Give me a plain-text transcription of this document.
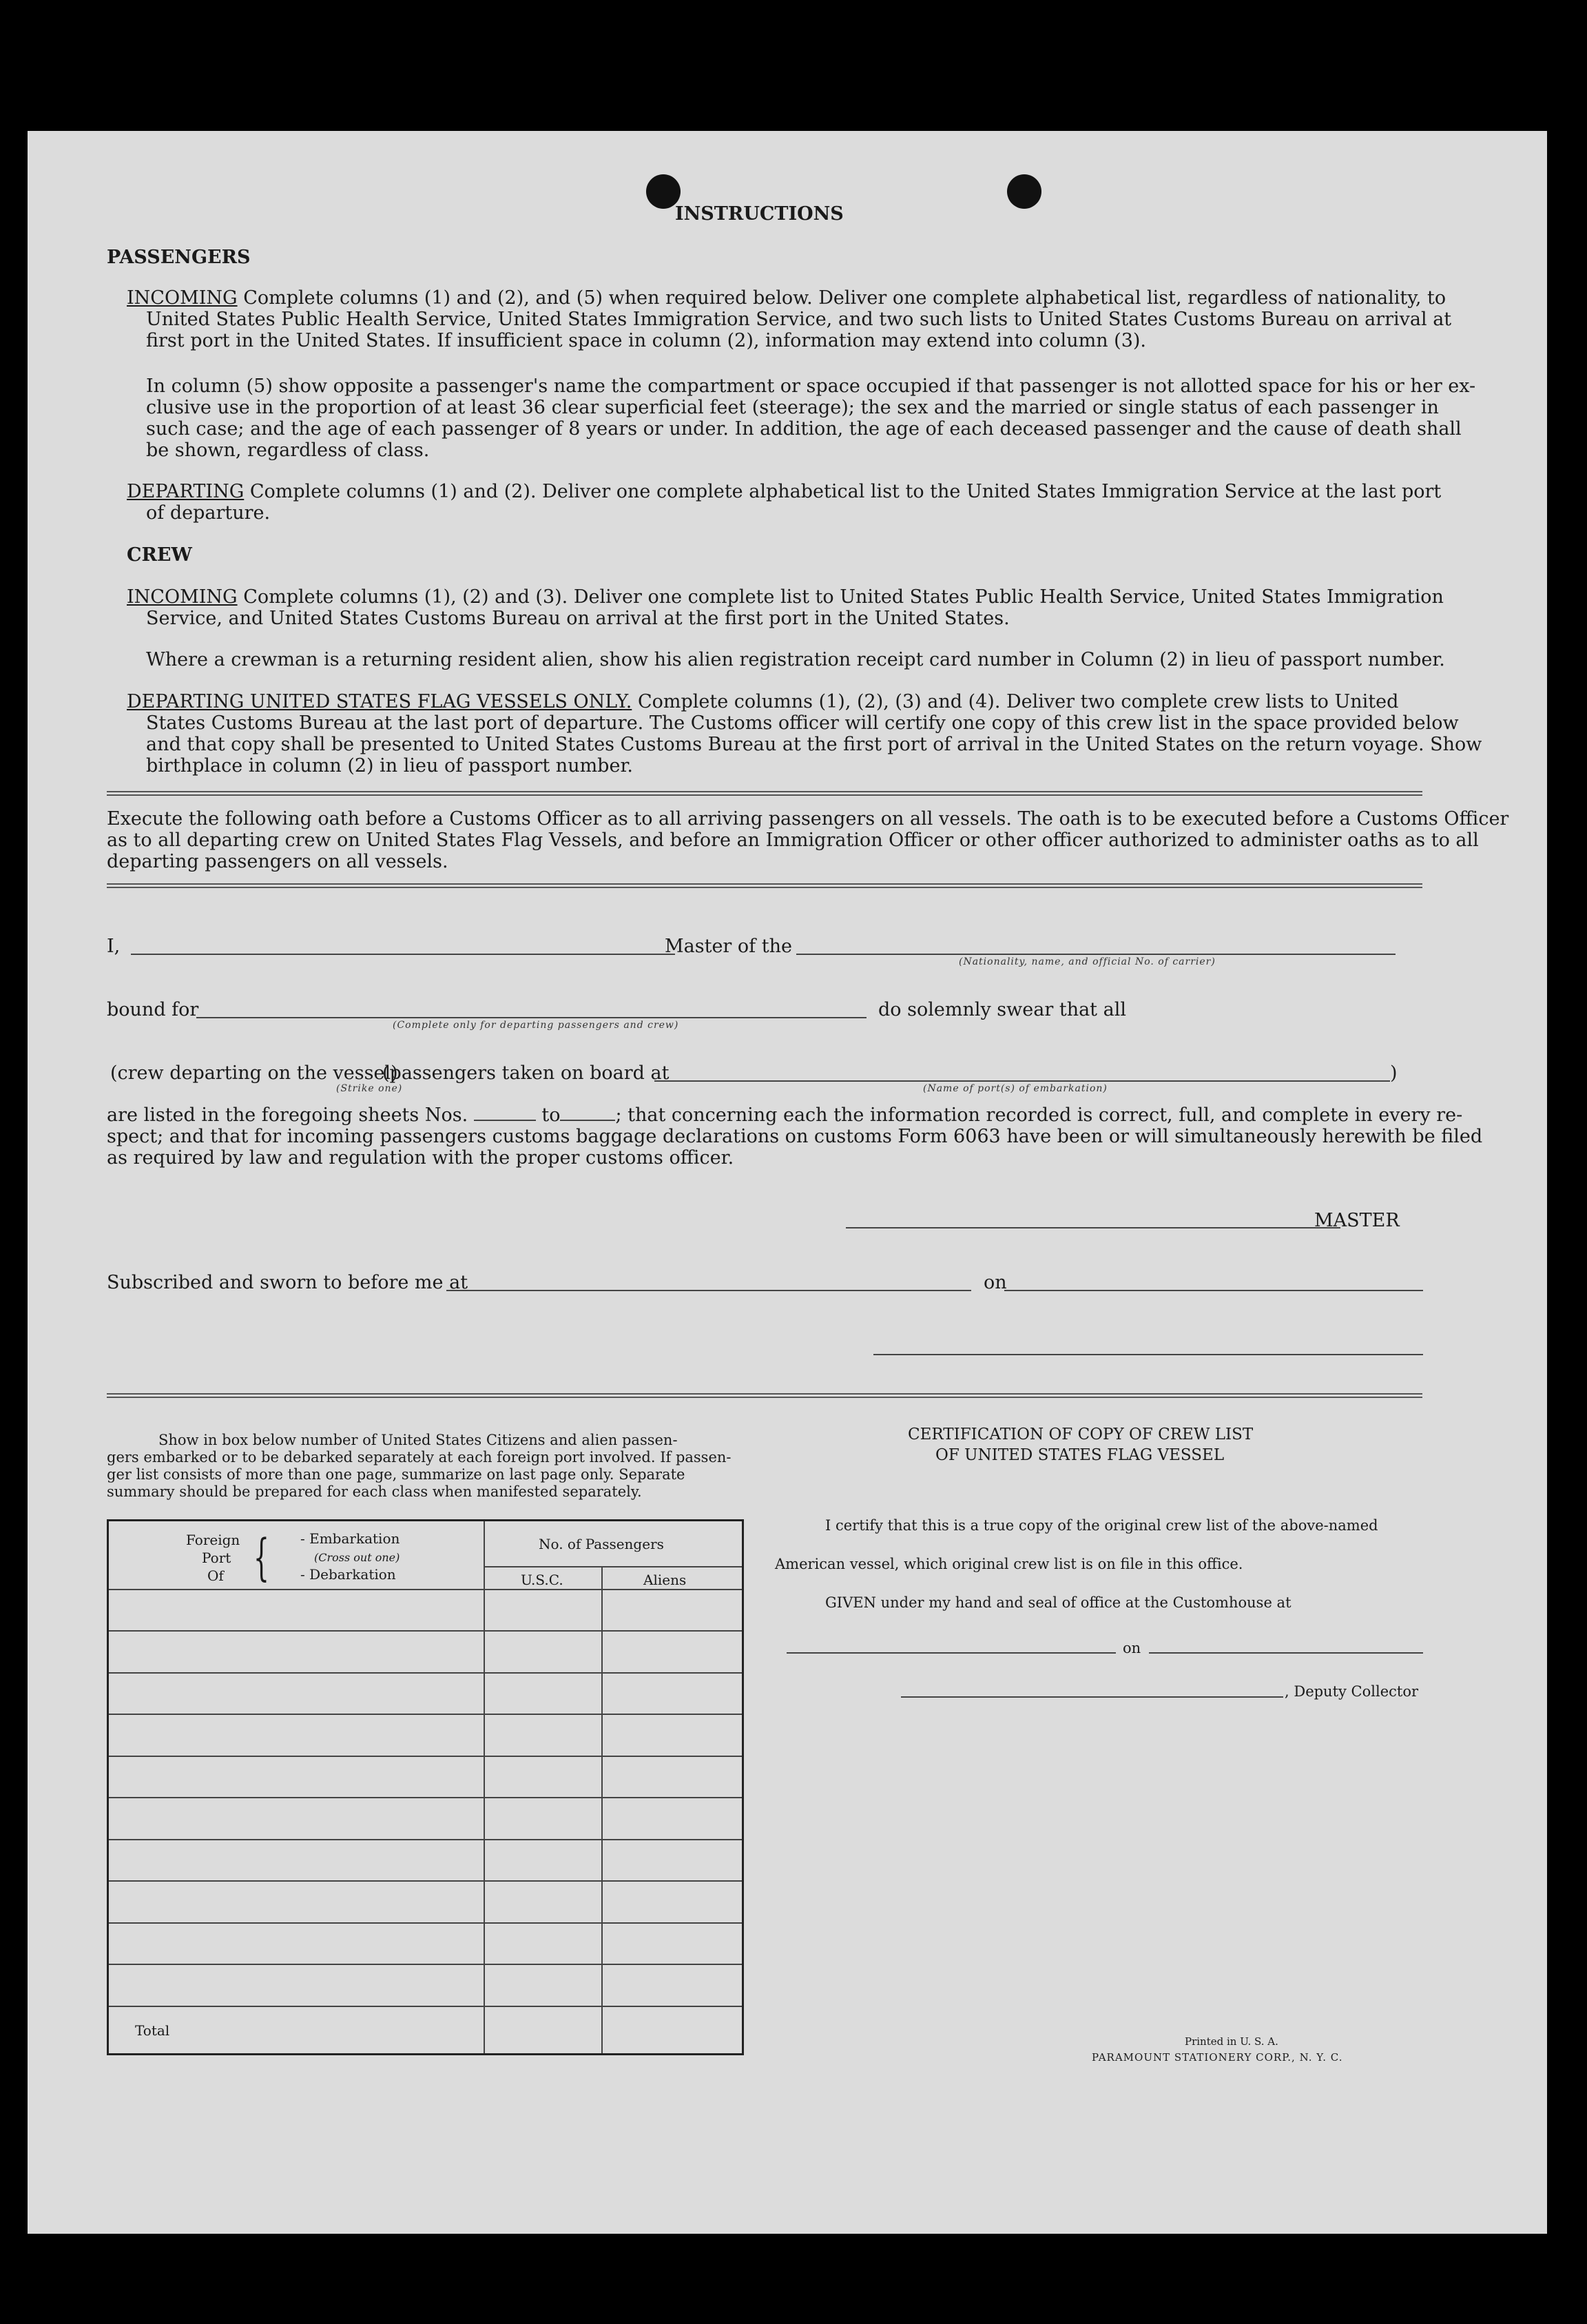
INSTRUCTIONS
PASSENGERS
INCOMING Complete columns (1) and (2), and (5) when required below. Deliver one complete alphabetical list, regardless of nationality, to
United States Public Health Service, United States Immigration Service, and two such lists to United States Customs Bureau on arrival at
first port in the United States. If insufficient space in column (2), information may extend into column (3).
In column (5) show opposite a passenger's name the compartment or space occupied if that passenger is not allotted space for his or her ex-
clusive use in the proportion of at least 36 clear superficial feet (steerage); the sex and the married or single status of each passenger in
such case; and the age of each passenger of 8 years or under. In addition, the age of each deceased passenger and the cause of death shall
be shown, regardless of class.
DEPARTING Complete columns (1) and (2). Deliver one complete alphabetical list to the United States Immigration Service at the last port
of departure.
CREW
INCOMING Complete columns (1), (2) and (3). Deliver one complete list to United States Public Health Service, United States Immigration
Service, and United States Customs Bureau on arrival at the first port in the United States.
Where a crewman is a returning resident alien, show his alien registration receipt card number in Column (2) in lieu of passport number.
DEPARTING UNITED STATES FLAG VESSELS ONLY. Complete columns (1), (2), (3) and (4). Deliver two complete crew lists to United
States Customs Bureau at the last port of departure. The Customs officer will certify one copy of this crew list in the space provided below
and that copy shall be presented to United States Customs Bureau at the first port of arrival in the United States on the return voyage. Show
birthplace in column (2) in lieu of passport number.
Execute the following oath before a Customs Officer as to all arriving passengers on all vessels. The oath is to be executed before a Customs Officer
as to all departing crew on United States Flag Vessels, and before an Immigration Officer or other officer authorized to administer oaths as to all
departing passengers on all vessels.
I,	Master of the
(Nationality, name, and official No. of carrier)
bound for
(Complete only for departing passengers and crew)
do solemnly swear that all
(crew departing on the vessel)
(passengers taken on board at
(Strike one)	(Name of port(s) of embarkation)
)
are listed in the foregoing sheets Nos.	to	; that concerning each the information recorded is correct, full, and complete in every re-
spect; and that for incoming passengers customs baggage declarations on customs Form 6063 have been or will simultaneously herewith be filed
as required by law and regulation with the proper customs officer.
MASTER
Subscribed and sworn to before me at	on
Show in box below number of United States Citizens and alien passen-
gers embarked or to be debarked separately at each foreign port involved. If passen-
ger list consists of more than one page, summarize on last page only. Separate
summary should be prepared for each class when manifested separately.
Foreign
Port
Of { - Embarkation
(Cross out one)
- Debarkation
No. of Passengers
U.S.C.	Aliens
Total
CERTIFICATION OF COPY OF CREW LIST
OF UNITED STATES FLAG VESSEL
I certify that this is a true copy of the original crew list of the above-named
American vessel, which original crew list is on file in this office.
GIVEN under my hand and seal of office at the Customhouse at
on
, Deputy Collector
Printed in U. S. A.
PARAMOUNT STATIONERY CORP., N. Y. C.
